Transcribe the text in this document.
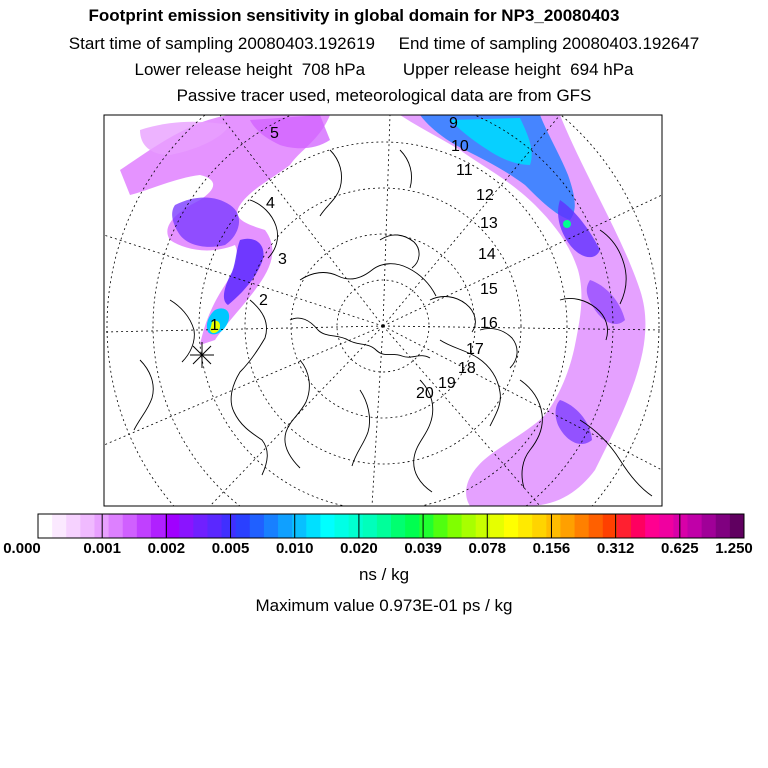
Footprint emission sensitivity in global domain for NP3_20080403
Start time of sampling 20080403.192619     End time of sampling 20080403.192647
Lower release height  708 hPa        Upper release height  694 hPa
Passive tracer used, meteorological data are from GFS
1
2
3
4
5
9
10
11
12
13
14
15
16
17
18
19
20
0.000	0.001 0.002 0.005 0.010 0.020 0.039 0.078 0.156 0.312 0.625 1.250
ns / kg
Maximum value 0.973E-01 ps / kg
